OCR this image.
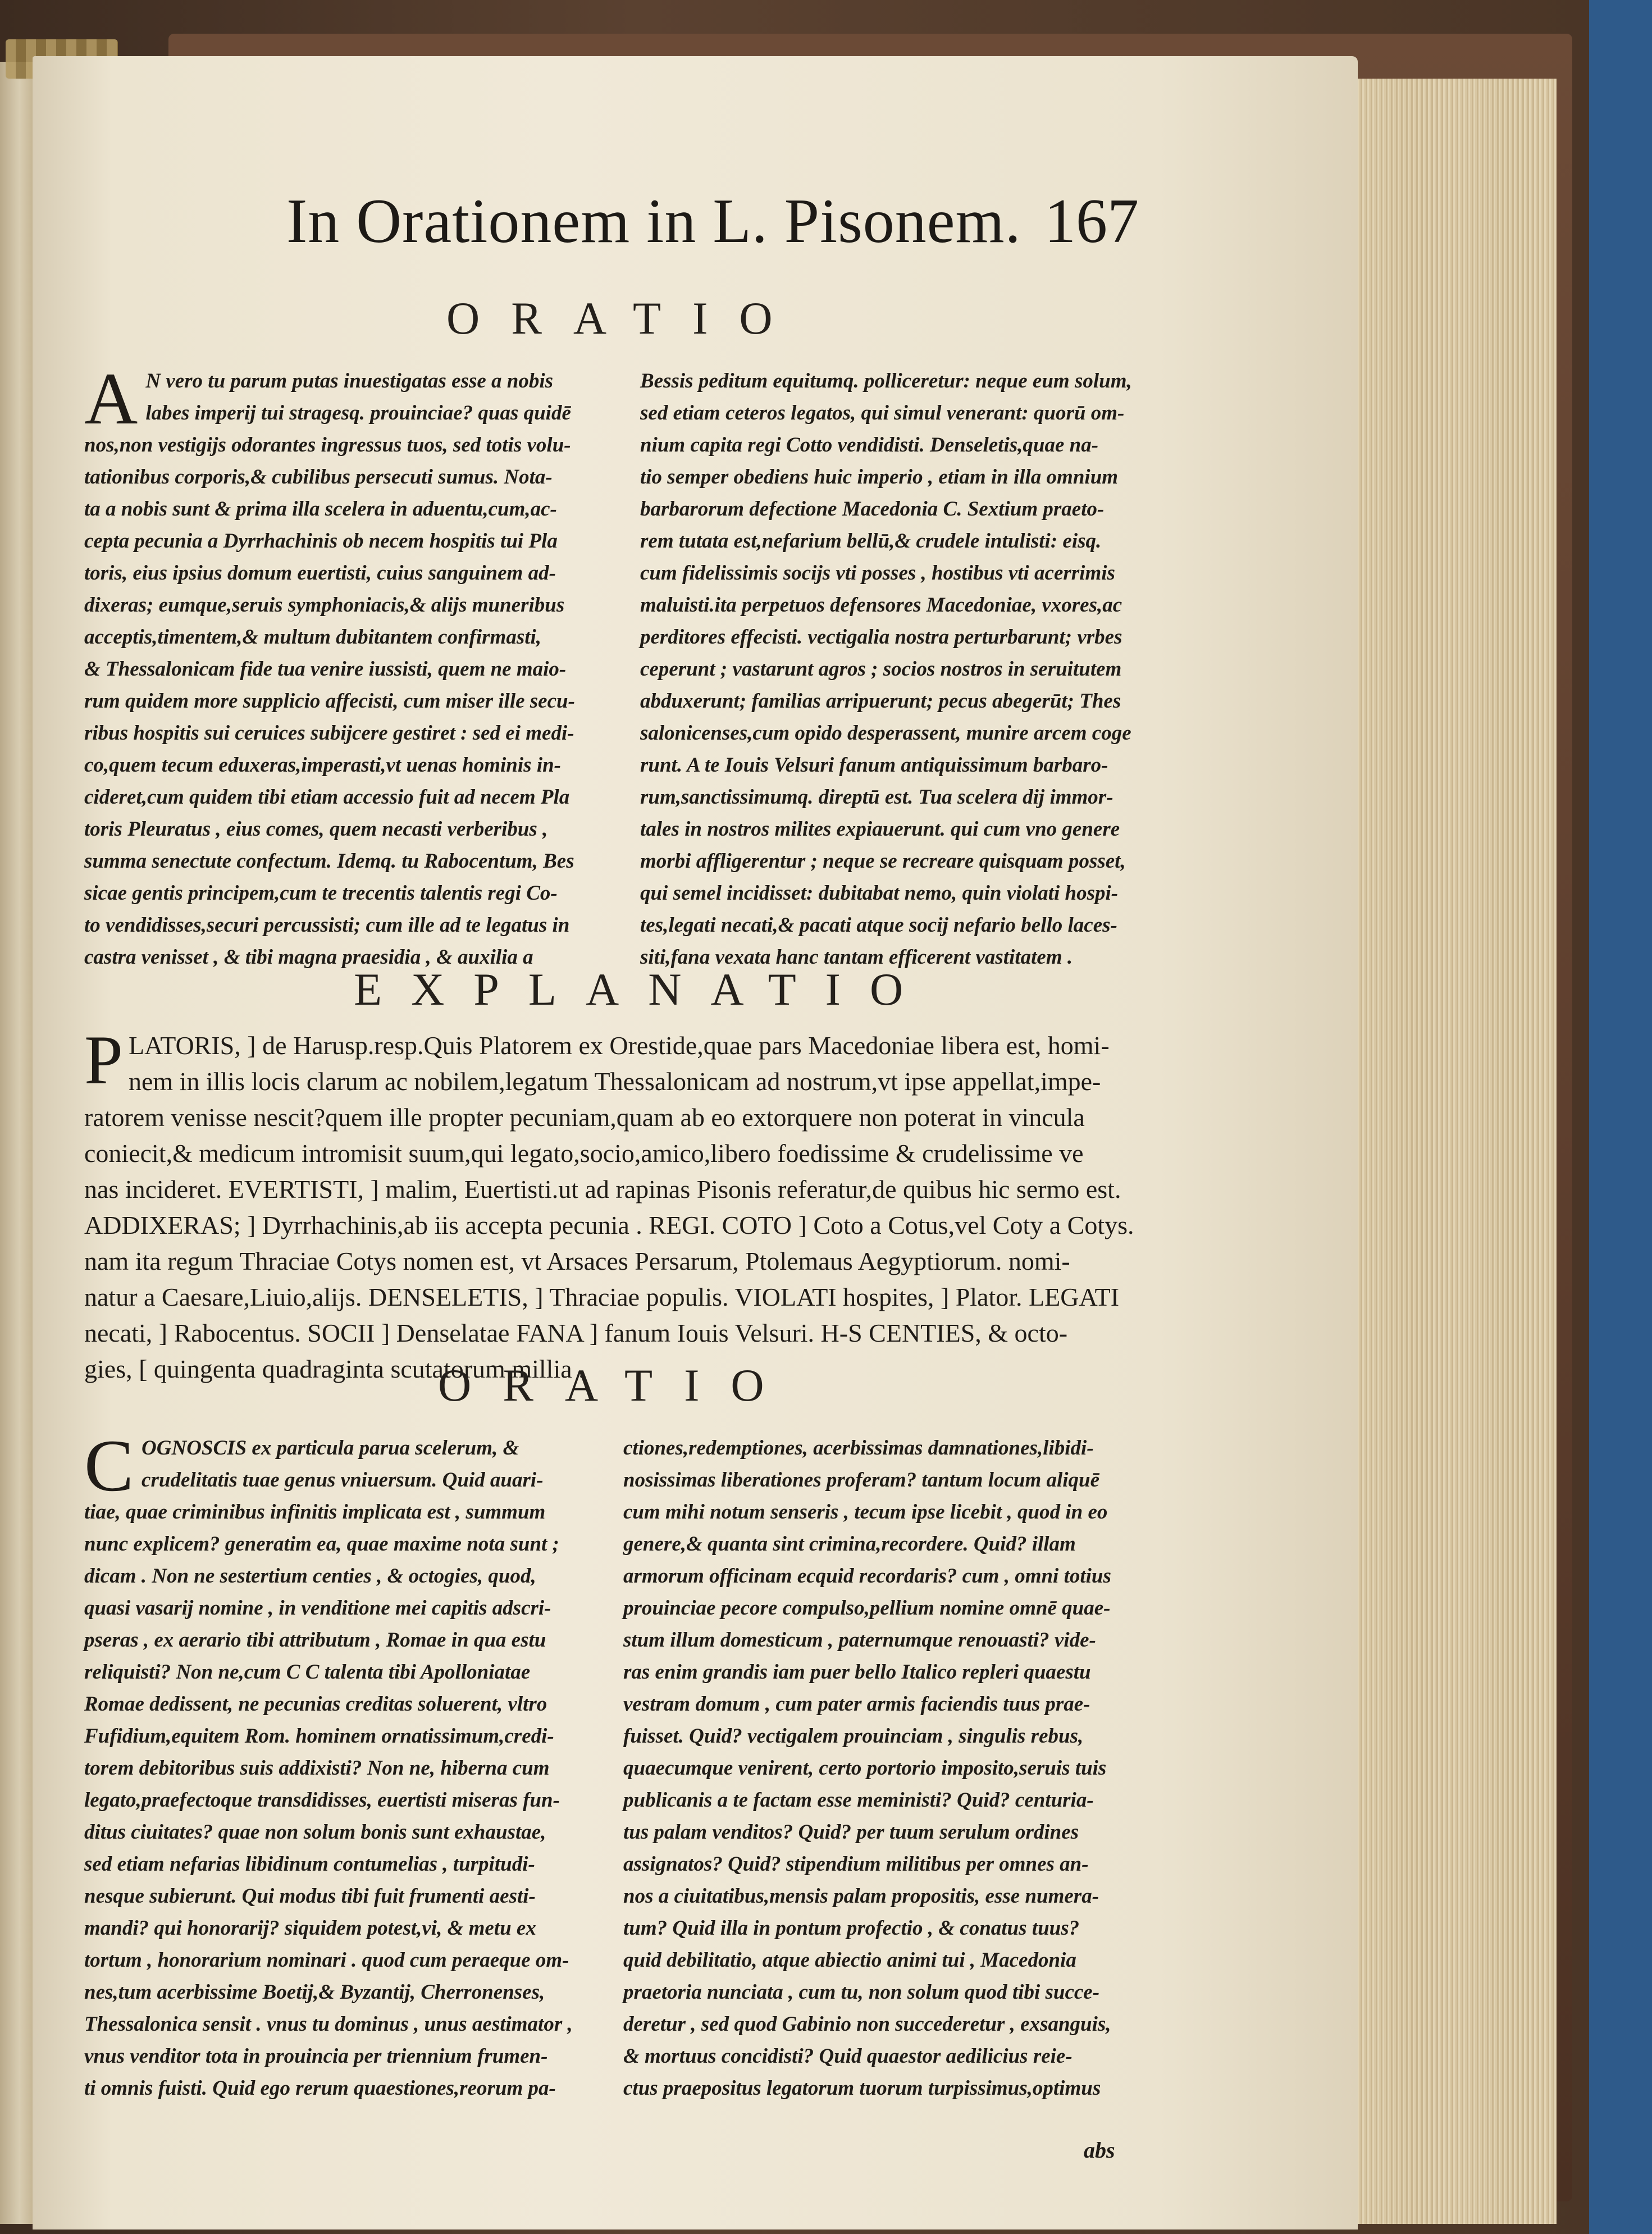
In Orationem in L. Pisonem. 167
ORATIO
A N vero tu parum putas inuestigatas esse a nobis
labes imperij tui stragesq. prouinciae? quas quidē
nos,non vestigijs odorantes ingressus tuos, sed totis volu-
tationibus corporis,& cubilibus persecuti sumus. Nota-
ta a nobis sunt & prima illa scelera in aduentu,cum,ac-
cepta pecunia a Dyrrhachinis ob necem hospitis tui Pla
toris, eius ipsius domum euertisti, cuius sanguinem ad-
dixeras; eumque,seruis symphoniacis,& alijs muneribus
acceptis,timentem,& multum dubitantem confirmasti,
& Thessalonicam fide tua venire iussisti, quem ne maio-
rum quidem more supplicio affecisti, cum miser ille secu-
ribus hospitis sui ceruices subijcere gestiret : sed ei medi-
co,quem tecum eduxeras,imperasti,vt uenas hominis in-
cideret,cum quidem tibi etiam accessio fuit ad necem Pla
toris Pleuratus , eius comes, quem necasti verberibus ,
summa senectute confectum. Idemq. tu Rabocentum, Bes
sicae gentis principem,cum te trecentis talentis regi Co-
to vendidisses,securi percussisti; cum ille ad te legatus in
castra venisset , & tibi magna praesidia , & auxilia a

Bessis peditum equitumq. polliceretur: neque eum solum,
sed etiam ceteros legatos, qui simul venerant: quorū om-
nium capita regi Cotto vendidisti. Denseletis,quae na-
tio semper obediens huic imperio , etiam in illa omnium
barbarorum defectione Macedonia C. Sextium praeto-
rem tutata est,nefarium bellū,& crudele intulisti: eisq.
cum fidelissimis socijs vti posses , hostibus vti acerrimis
maluisti.ita perpetuos defensores Macedoniae, vxores,ac
perditores effecisti. vectigalia nostra perturbarunt; vrbes
ceperunt ; vastarunt agros ; socios nostros in seruitutem
abduxerunt; familias arripuerunt; pecus abegerūt; Thes
salonicenses,cum opido desperassent, munire arcem coge
runt. A te Iouis Velsuri fanum antiquissimum barbaro-
rum,sanctissimumq. direptū est. Tua scelera dij immor-
tales in nostros milites expiauerunt. qui cum vno genere
morbi affligerentur ; neque se recreare quisquam posset,
qui semel incidisset: dubitabat nemo, quin violati hospi-
tes,legati necati,& pacati atque socij nefario bello laces-
siti,fana vexata hanc tantam efficerent vastitatem .

EXPLANATIO
P LATORIS, ] de Harusp.resp.Quis Platorem ex Orestide,quae pars Macedoniae libera est, homi-
nem in illis locis clarum ac nobilem,legatum Thessalonicam ad nostrum,vt ipse appellat,impe-
ratorem venisse nescit?quem ille propter pecuniam,quam ab eo extorquere non poterat in vincula
coniecit,& medicum intromisit suum,qui legato,socio,amico,libero foedissime & crudelissime ve
nas incideret. EVERTISTI, ] malim, Euertisti.ut ad rapinas Pisonis referatur,de quibus hic sermo est.
ADDIXERAS; ] Dyrrhachinis,ab iis accepta pecunia . REGI. COTO ] Coto a Cotus,vel Coty a Cotys.
nam ita regum Thraciae Cotys nomen est, vt Arsaces Persarum, Ptolemaus Aegyptiorum. nomi-
natur a Caesare,Liuio,alijs. DENSELETIS, ] Thraciae populis. VIOLATI hospites, ] Plator. LEGATI
necati, ] Rabocentus. SOCII ] Denselatae FANA ] fanum Iouis Velsuri. H-S CENTIES, & octo-
gies, [ quingenta quadraginta scutatorum millia .

ORATIO
C OGNOSCIS ex particula parua scelerum, &
crudelitatis tuae genus vniuersum. Quid auari-
tiae, quae criminibus infinitis implicata est , summum
nunc explicem? generatim ea, quae maxime nota sunt ;
dicam . Non ne sestertium centies , & octogies, quod,
quasi vasarij nomine , in venditione mei capitis adscri-
pseras , ex aerario tibi attributum , Romae in qua estu
reliquisti? Non ne,cum C C talenta tibi Apolloniatae
Romae dedissent, ne pecunias creditas soluerent, vltro
Fufidium,equitem Rom. hominem ornatissimum,credi-
torem debitoribus suis addixisti? Non ne, hiberna cum
legato,praefectoque transdidisses, euertisti miseras fun-
ditus ciuitates? quae non solum bonis sunt exhaustae,
sed etiam nefarias libidinum contumelias , turpitudi-
nesque subierunt. Qui modus tibi fuit frumenti aesti-
mandi? qui honorarij? siquidem potest,vi, & metu ex
tortum , honorarium nominari . quod cum peraeque om-
nes,tum acerbissime Boetij,& Byzantij, Cherronenses,
Thessalonica sensit . vnus tu dominus , unus aestimator ,
vnus venditor tota in prouincia per triennium frumen-
ti omnis fuisti. Quid ego rerum quaestiones,reorum pa-

ctiones,redemptiones, acerbissimas damnationes,libidi-
nosissimas liberationes proferam? tantum locum aliquē
cum mihi notum senseris , tecum ipse licebit , quod in eo
genere,& quanta sint crimina,recordere. Quid? illam
armorum officinam ecquid recordaris? cum , omni totius
prouinciae pecore compulso,pellium nomine omnē quae-
stum illum domesticum , paternumque renouasti? vide-
ras enim grandis iam puer bello Italico repleri quaestu
vestram domum , cum pater armis faciendis tuus prae-
fuisset. Quid? vectigalem prouinciam , singulis rebus,
quaecumque venirent, certo portorio imposito,seruis tuis
publicanis a te factam esse meministi? Quid? centuria-
tus palam venditos? Quid? per tuum serulum ordines
assignatos? Quid? stipendium militibus per omnes an-
nos a ciuitatibus,mensis palam propositis, esse numera-
tum? Quid illa in pontum profectio , & conatus tuus?
quid debilitatio, atque abiectio animi tui , Macedonia
praetoria nunciata , cum tu, non solum quod tibi succe-
deretur , sed quod Gabinio non succederetur , exsanguis,
& mortuus concidisti? Quid quaestor aedilicius reie-
ctus praepositus legatorum tuorum turpissimus,optimus

abs
